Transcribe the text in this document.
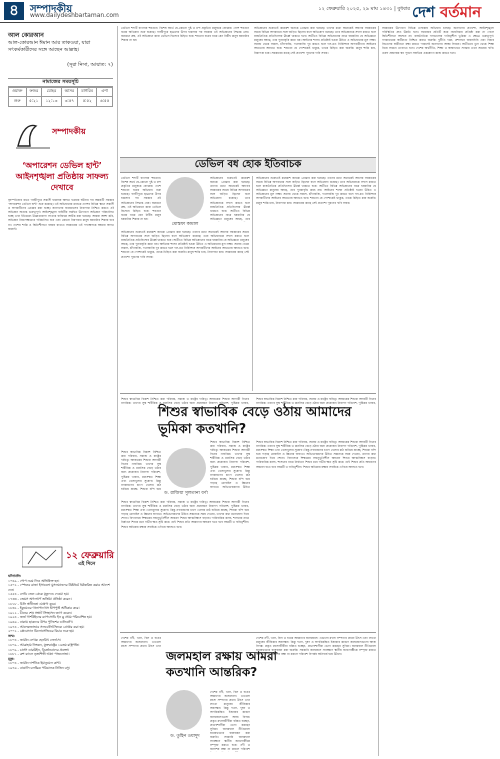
৪	সম্পাদকীয়
www.dailydeshbartaman.com
১২ ফেব্রুয়ারি ২০২৫, ২৯ মাঘ ১৪৩১ | বুধবার দেশ বর্তমান
আল কোরআন
আল-কোরআন ঈমান আর তাকওয়া, যারা সৎকর্মকারীদের সঙ্গে আছেন আল্লাহ।
(সূরা নিসা, আয়াত: ৭)
নামাজের সময়সূচি
ওয়াক্ত	ফজর	যোহর	আসর	মাগরিব	এশা
শুরু	৫:২১	১২:১৩	৩:৫৭	৫:৫২	৬:৫৫
সম্পাদকীয়
‘অপারেশন ডেভিল হান্ট’ আইনশৃঙ্খলা প্রতিষ্ঠায় সাফল্য দেখাবে
বৃহস্পতিবার রাতে গাজীপুরে সন্ত্রাসী হামলায় আহত হওয়ার ঘটনার পর অন্তর্বর্তী সরকার ‘অপারেশন ডেভিল হান্ট’ শুরু করেছে। এই অভিযানের মাধ্যমে দেশের বিভিন্ন স্থানে সন্ত্রাসী ও অপরাধীদের গ্রেপ্তার করা হচ্ছে। জনগণের জানমালের নিরাপত্তা নিশ্চিত করতে এই অভিযান অত্যন্ত গুরুত্বপূর্ণ। আইনশৃঙ্খলা বাহিনীর সমন্বিত উদ্যোগে অভিযান পরিচালিত হচ্ছে এবং ইতিমধ্যে উল্লেখযোগ্য সংখ্যক ব্যক্তিকে আটক করা হয়েছে। আমরা আশা করি, অভিযান নিরপেক্ষভাবে পরিচালিত হবে এবং কোনো নিরপরাধ মানুষ হয়রানির শিকার হবে না। দেশের শান্তি ও স্থিতিশীলতা বজায় রাখতে সরকারের এই পদক্ষেপকে আমরা স্বাগত জানাই।
১২ ফেব্রুয়ারি
এই দিনে
ঘটনাবলি:
১০৪৯ - পোপ নবম লিও অভিষিক্ত হন।
১৫০২ - স্পেনের রাজা ইসাবেলা মুসলমানদের খ্রিষ্টধর্মে ধর্মান্তরিত করার আদেশ দেন।
১৫৫৪ - লেডি জেন গ্রেকে মৃত্যুদণ্ড দেওয়া হয়।
১৭৩৩ - জেমস অগলথর্প জর্জিয়া প্রতিষ্ঠা করেন।
১৮১৮ - চিলি স্বাধীনতা ঘোষণা করে।
১৮৩২ - ইকুয়েডর গালাপাগোস দ্বীপপুঞ্জ অধিকার করে।
১৯১২ - চীনের শেষ সম্রাট সিংহাসন ত্যাগ করেন।
১৯২৪ - জর্জ গার্শউইনের র‍্যাপসোডি ইন ব্লু প্রথম পরিবেশিত হয়।
১৯৪৬ - ঢাকায় ছাত্রদের উপর পুলিশের গুলিবর্ষণ।
১৯৭৪ - আলেকজান্ডার সলঝেনিৎসিনকে গ্রেপ্তার করা হয়।
২০০২ - স্লোবোদান মিলোসেভিচের বিচার শুরু হয়।
জন্ম:
১৮০৪ - জার্মান লেখক হেনরিখ লেনৎস।
১৮০৯ - আব্রাহাম লিংকন, যুক্তরাষ্ট্রের ১৬তম রাষ্ট্রপতি।
১৮০৯ - চার্লস ডারউইন, বিবর্তনবাদের প্রবক্তা।
১৮৮১ - রুশ ব্যালে নৃত্যশিল্পী আনা পাভলোভা।
মৃত্যু:
১৮০৪ - জার্মান দার্শনিক ইমানুয়েল কান্ট।
১৯৭৬ - বাঙালি চলচ্চিত্র পরিচালক নিতিন বসু।
ডেভিল শব্দটি বাংলায় শয়তান। বিশেষ অর্থে যে-কোনো দুষ্ট ও মন্দ প্রকৃতির মানুষকে বোঝায়। দেশে শয়তান বধের অভিযান শুরু হয়েছে। গাজীপুরে ছাত্রদের উপর হামলার পর সরকার এই অভিযানের সিদ্ধান্ত নেয়। জনমনে প্রশ্ন, এই অভিযানে কারা ডেভিল হিসেবে চিহ্নিত হবে। শয়তান বধের নামে যেন নিরীহ মানুষ হয়রানির শিকার না হন।
অভিযানের শুরুতেই কয়েকশ জনকে গ্রেপ্তার করা হয়েছে। তাদের মধ্যে অনেকেই আগের সরকারের সময়ে বিভিন্ন অপরাধের সঙ্গে জড়িত ছিলেন বলে অভিযোগ রয়েছে। তবে অভিযানকে সফল করতে হলে রাজনৈতিক প্রতিহিংসার ঊর্ধ্বে থাকতে হবে। অতীতে বিভিন্ন অভিযানের নামে হয়রানির যে অভিজ্ঞতা মানুষের আছে, তার পুনরাবৃত্তি কাম্য নয়। আইনের শাসন প্রতিষ্ঠাই হওয়া উচিত এ অভিযানের মূল লক্ষ্য। সমাজ থেকে সন্ত্রাস, চাঁদাবাজি, দখলবাজি দূর করতে হলে দল-মত নির্বিশেষে অপরাধীদের আইনের আওতায় আনতে হবে। শয়তান যে পোশাকেই থাকুক, তাকে চিহ্নিত করা জরুরি। মানুষ শান্তি চায়, নিরাপত্তা চায়। সরকারের কাছে সেই প্রত্যাশা পূরণের দাবি সবার।
ডেভিল বধ হোক ইতিবাচক
মোস্তফা কামাল
ডেভিল শব্দটি বাংলায় শয়তান। বিশেষ অর্থে যে-কোনো দুষ্ট ও মন্দ প্রকৃতির মানুষকে বোঝায়। দেশে শয়তান বধের অভিযান শুরু হয়েছে। গাজীপুরে ছাত্রদের উপর হামলার পর সরকার এই অভিযানের সিদ্ধান্ত নেয়। জনমনে প্রশ্ন, এই অভিযানে কারা ডেভিল হিসেবে চিহ্নিত হবে। শয়তান বধের নামে যেন নিরীহ মানুষ হয়রানির শিকার না হন।
অভিযানের শুরুতেই কয়েকশ জনকে গ্রেপ্তার করা হয়েছে। তাদের মধ্যে অনেকেই আগের সরকারের সময়ে বিভিন্ন অপরাধের সঙ্গে জড়িত ছিলেন বলে অভিযোগ রয়েছে। তবে অভিযানকে সফল করতে হলে রাজনৈতিক প্রতিহিংসার ঊর্ধ্বে থাকতে হবে। অতীতে বিভিন্ন অভিযানের নামে হয়রানির যে অভিজ্ঞতা মানুষের আছে, তার
অভিযানের শুরুতেই কয়েকশ জনকে গ্রেপ্তার করা হয়েছে। তাদের মধ্যে অনেকেই আগের সরকারের সময়ে বিভিন্ন অপরাধের সঙ্গে জড়িত ছিলেন বলে অভিযোগ রয়েছে। তবে অভিযানকে সফল করতে হলে রাজনৈতিক প্রতিহিংসার ঊর্ধ্বে থাকতে হবে। অতীতে বিভিন্ন অভিযানের নামে হয়রানির যে অভিজ্ঞতা মানুষের আছে, তার পুনরাবৃত্তি কাম্য নয়। আইনের শাসন প্রতিষ্ঠাই হওয়া উচিত এ অভিযানের মূল লক্ষ্য। সমাজ থেকে সন্ত্রাস, চাঁদাবাজি, দখলবাজি দূর করতে হলে দল-মত নির্বিশেষে অপরাধীদের আইনের আওতায় আনতে হবে। শয়তান যে পোশাকেই থাকুক, তাকে চিহ্নিত করা জরুরি। মানুষ শান্তি চায়, নিরাপত্তা চায়। সরকারের কাছে সেই প্রত্যাশা পূরণের দাবি সবার।
অভিযানের শুরুতেই কয়েকশ জনকে গ্রেপ্তার করা হয়েছে। তাদের মধ্যে অনেকেই আগের সরকারের সময়ে বিভিন্ন অপরাধের সঙ্গে জড়িত ছিলেন বলে অভিযোগ রয়েছে। তবে অভিযানকে সফল করতে হলে রাজনৈতিক প্রতিহিংসার ঊর্ধ্বে থাকতে হবে। অতীতে বিভিন্ন অভিযানের নামে হয়রানির যে অভিজ্ঞতা মানুষের আছে, তার পুনরাবৃত্তি কাম্য নয়। আইনের শাসন প্রতিষ্ঠাই হওয়া উচিত এ অভিযানের মূল লক্ষ্য। সমাজ থেকে সন্ত্রাস, চাঁদাবাজি, দখলবাজি দূর করতে হলে দল-মত নির্বিশেষে অপরাধীদের আইনের আওতায় আনতে হবে। শয়তান যে পোশাকেই থাকুক, তাকে চিহ্নিত করা জরুরি। মানুষ শান্তি চায়, নিরাপত্তা চায়। সরকারের কাছে সেই প্রত্যাশা পূরণের দাবি সবার।
শিশুর স্বাভাবিক বিকাশ নিশ্চিত করা পরিবার, সমাজ ও রাষ্ট্রের দায়িত্ব। আজকের শিশুরা আগামী দিনের নাগরিক। তাদের সুস্থ শারীরিক ও মানসিক বেড়ে ওঠার জন্য প্রয়োজন নিরাপদ পরিবেশ, পুষ্টিকর খাবার,
শিশুর স্বাভাবিক বিকাশ নিশ্চিত করা পরিবার, সমাজ ও রাষ্ট্রের দায়িত্ব। আজকের শিশুরা আগামী দিনের নাগরিক। তাদের সুস্থ শারীরিক ও মানসিক বেড়ে ওঠার জন্য প্রয়োজন নিরাপদ পরিবেশ, পুষ্টিকর খাবার,
শিশুর স্বাভাবিক বেড়ে ওঠায় আমাদের ভূমিকা কতখানি?
ড. রাজিয়া সুলতানা বর্ণা
শিশুর স্বাভাবিক বিকাশ নিশ্চিত করা পরিবার, সমাজ ও রাষ্ট্রের দায়িত্ব। আজকের শিশুরা আগামী দিনের নাগরিক। তাদের সুস্থ শারীরিক ও মানসিক বেড়ে ওঠার জন্য প্রয়োজন নিরাপদ পরিবেশ, পুষ্টিকর খাবার, মানসম্মত শিক্ষা এবং খেলাধুলার সুযোগ। কিন্তু নগরায়ণের চাপে খেলার মাঠ হারিয়ে যাচ্ছে, শিশুরা বন্দি হয়ে
শিশুর স্বাভাবিক বিকাশ নিশ্চিত করা পরিবার, সমাজ ও রাষ্ট্রের দায়িত্ব। আজকের শিশুরা আগামী দিনের নাগরিক। তাদের সুস্থ শারীরিক ও মানসিক বেড়ে ওঠার জন্য প্রয়োজন নিরাপদ পরিবেশ, পুষ্টিকর খাবার, মানসম্মত শিক্ষা এবং খেলাধুলার সুযোগ। কিন্তু নগরায়ণের চাপে খেলার মাঠ হারিয়ে যাচ্ছে, শিশুরা বন্দি হয়ে পড়ছে মোবাইল ও স্ক্রিনের জগতে। অভিভাবকদের উচিত
শিশুর স্বাভাবিক বিকাশ নিশ্চিত করা পরিবার, সমাজ ও রাষ্ট্রের দায়িত্ব। আজকের শিশুরা আগামী দিনের নাগরিক। তাদের সুস্থ শারীরিক ও মানসিক বেড়ে ওঠার জন্য প্রয়োজন নিরাপদ পরিবেশ, পুষ্টিকর খাবার, মানসম্মত শিক্ষা এবং খেলাধুলার সুযোগ। কিন্তু নগরায়ণের চাপে খেলার মাঠ হারিয়ে যাচ্ছে, শিশুরা বন্দি হয়ে পড়ছে মোবাইল ও স্ক্রিনের জগতে। অভিভাবকদের উচিত সন্তানকে সময় দেওয়া, তাদের কথা মনোযোগ দিয়ে শোনা। বিদ্যালয়ে শিক্ষকের সহানুভূতিশীল আচরণ শিশুর আত্মবিশ্বাস বাড়ায়। পারিবারিক কলহ, শাসনের নামে নির্যাতন শিশুর মনে গভীর ক্ষত সৃষ্টি করে। তাই শিশুর প্রতি আমাদের আচরণ হতে হবে সহমর্মী ও দায়িত্বশীল। শিশুর অধিকার রক্ষায় সবাইকে এগিয়ে আসতে হবে।
শিশুর স্বাভাবিক বিকাশ নিশ্চিত করা পরিবার, সমাজ ও রাষ্ট্রের দায়িত্ব। আজকের শিশুরা আগামী দিনের নাগরিক। তাদের সুস্থ শারীরিক ও মানসিক বেড়ে ওঠার জন্য প্রয়োজন নিরাপদ পরিবেশ, পুষ্টিকর খাবার, মানসম্মত শিক্ষা এবং খেলাধুলার সুযোগ। কিন্তু নগরায়ণের চাপে খেলার মাঠ হারিয়ে যাচ্ছে, শিশুরা বন্দি হয়ে পড়ছে মোবাইল ও স্ক্রিনের জগতে। অভিভাবকদের উচিত সন্তানকে সময় দেওয়া, তাদের কথা মনোযোগ দিয়ে শোনা। বিদ্যালয়ে শিক্ষকের সহানুভূতিশীল আচরণ শিশুর আত্মবিশ্বাস বাড়ায়। পারিবারিক কলহ, শাসনের নামে নির্যাতন শিশুর মনে গভীর ক্ষত সৃষ্টি করে। তাই শিশুর প্রতি আমাদের আচরণ হতে হবে সহমর্মী ও দায়িত্বশীল। শিশুর অধিকার রক্ষায় সবাইকে এগিয়ে আসতে হবে।
জলমহাল রক্ষায় আমরা কতখানি আন্তরিক?
ড. তুহিন ওয়াদুদ
দেশের নদী, খাল, বিল ও হাওর আমাদের জলমহাল। এগুলো মৎস্য সম্পদের প্রধান উৎস এবং
দেশের নদী, খাল, বিল ও হাওর আমাদের জলমহাল। এগুলো মৎস্য সম্পদের প্রধান উৎস এবং লাখো মানুষের জীবিকার অবলম্বন। কিন্তু দখল, দূষণ ও অপরিকল্পিত ইজারার কারণে জলমহালগুলো আজ বিপন্ন। প্রকৃত মৎস্যজীবীরা বঞ্চিত হচ্ছেন, প্রভাবশালীরা ভোগ করছেন সুবিধা। জলমহাল নীতিমালা যথাযথভাবে বাস্তবায়ন করা জরুরি। সরকারি জলমহাল সংরক্ষণে স্থানীয় জনগোষ্ঠীকে সম্পৃক্ত করতে হবে। নদী ও জলাশয় রক্ষা না করলে পরিবেশ
দেশের নদী, খাল, বিল ও হাওর আমাদের জলমহাল। এগুলো মৎস্য সম্পদের প্রধান উৎস এবং লাখো মানুষের জীবিকার অবলম্বন। কিন্তু দখল, দূষণ ও অপরিকল্পিত ইজারার কারণে জলমহালগুলো আজ বিপন্ন। প্রকৃত মৎস্যজীবীরা বঞ্চিত হচ্ছেন, প্রভাবশালীরা ভোগ করছেন সুবিধা। জলমহাল নীতিমালা যথাযথভাবে বাস্তবায়ন করা জরুরি। সরকারি জলমহাল সংরক্ষণে স্থানীয় জনগোষ্ঠীকে সম্পৃক্ত করতে হবে। নদী ও জলাশয় রক্ষা না করলে পরিবেশ বিপর্যয় অনিবার্য হয়ে উঠবে।
সরকারের উদ্যোগে বিভিন্ন এলাকায় অভিযান চলছে। জনগণের প্রত্যাশা, আইনশৃঙ্খলা পরিস্থিতির দ্রুত উন্নতি হবে। সমাজের প্রতিটি স্তরে ন্যায়বিচার প্রতিষ্ঠা করা না গেলে স্থিতিশীলতা আসবে না। রাজনৈতিক দলগুলোর দায়িত্বশীল ভূমিকা এ ক্ষেত্রে গুরুত্বপূর্ণ। গণমাধ্যমের স্বাধীনতা নিশ্চিত করাও জরুরি। দুর্নীতি দমন, প্রশাসনে জবাবদিহি এবং বিচার বিভাগের স্বাধীনতা রক্ষা করতে পারলেই জনগণের আস্থা ফিরবে। অতীতের ভুল থেকে শিক্ষা নিয়ে সামনে এগোতে হবে। দেশের অর্থনীতি, শিক্ষা ও স্বাস্থ্যখাতে সংস্কার এখন সময়ের দাবি। তরুণ প্রজন্মের স্বপ্ন পূরণে সবাইকে একযোগে কাজ করতে হবে।
